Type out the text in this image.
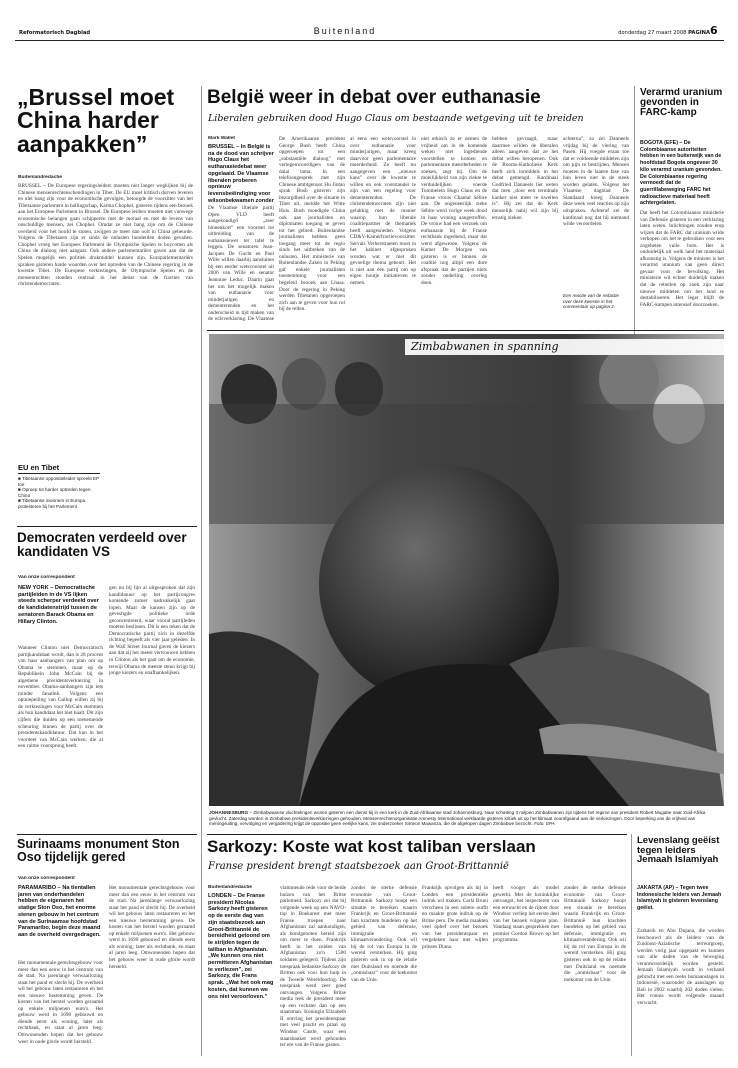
Reformatorisch Dagblad	Buitenland	donderdag 27 maart 2008 PAGINA 6
„Brussel moet China harder aanpakken”
Buitenlandredactie
BRUSSEL – De Europese regeringsleiders moeten niet langer wegkijken bij de Chinese mensenrechtenschendingen in Tibet. De EU moet kritisch durven leveren en niet bang zijn voor de economische gevolgen, betoogde de voorzitter van het Tibetaanse parlement in ballingschap, Karma Chophel, gisteren tijdens een bezoek aan het Europese Parlement in Brussel. De Europese leiders moeten niet vanwege economische belangen gaan schipperen met de moraal en met de levens van onschuldige mensen, zei Chophel. Omdat ze niet bang zijn om de Chinese overheid voor het hoofd te stoten, zwijgen ze meer dan ooit in China gebeurde. Volgens de Tibetanen zijn er sinds de onlusten honderden doden gevallen. Chophel vroeg het Europees Parlement de Olympische Spelen te boycotten als China de dialoog niet aangaat. Ook andere parlementariërs gaven aan dat de Spelen mogelijk een politiek drukmiddel kunnen zijn. Europarlementariërs spraken gisteren harde woorden over het optreden van de Chinese regering in de kwestie Tibet. De Europese verkiezingen, de Olympische Spelen en de mensenrechten stonden centraal in het debat van de fracties van christendemocraten.
EU en Tibet
■ Tibetaanse oppositieleider spreekt EP toe
■ Oproep tot harder optreden tegen China
■ Tibetaanse inwoners in Europa protesteren bij het Parlement
Democraten verdeeld over kandidaten VS
Van onze correspondent
NEW YORK – Democratische partijleiden in de VS lijken steeds scherper verdeeld over de kandidatenstrijd tussen de senatoren Barack Obama en Hillary Clinton.
Wanneer Clinton niet Democratisch partijkandidaat wordt, dan is 28 procent van haar aanhangers van plan om op Obama te stemmen, maar op de Republikein John McCain bij de algemene presidentsverkiezing in november. Obama-aanhangers zijn iets minder fanatiek. Volgens een opiniepeiling van Gallup willen zij bij de verkiezingen voor McCain stemmen als hun kandidaat het niet haalt. Dit zijn cijfers die duiden op een toenemende scheuring binnen de partij over de presidentskandidatuur. Dat kan in het voordeel van McCain werken, die al een ruime voorsprong heeft.
gen nu bij lijn al uitgesproken dat zijn kandidatuur op het partijcongres komende zomer nadrukkelijk gaat lopen. Maar de kansen zijn op de gevestigde politieke orde geconcentreerd, waar vooral partijleden moeten beslissen. Dit is een teken dat de Democratische partij zich in dezelfde richting begeeft als vier jaar geleden. In de Wall Street Journal gaven de kiezers aan dat zij het meest vertrouwen hebben in Clinton als het gaat om de economie, terwijl Obama de meeste steun krijgt bij jonge kiezers en onafhankelijken.
Surinaams monument Ston Oso tijdelijk gered
Van onze correspondent
PARAMARIBO – Na tientallen jaren van onderhandelen hebben de eigenaren het statige Ston Oso, het enorme stenen gebouw in het centrum van de Surinaamse hoofdstad Paramaribo, begin deze maand aan de overheid overgedragen.
Het monumentale gerechtsgebouw voor meer dan een eeuw in het centrum van de stad. Na jarenlange verwaarlozing staat het pand er slecht bij. De overheid wil het gebouw laten restaureren en het een nieuwe bestemming geven. De kosten van het herstel worden geraamd op enkele miljoenen euro's. Het gebouw werd in 1690 gebouwd en diende eerst als woning, later als rechtbank, en staat al jaren leeg. Omwonenden hopen dat het gebouw weer in oude glorie wordt hersteld.
Het monumentale gerechtsgebouw voor meer dan een eeuw in het centrum van de stad. Na jarenlange verwaarlozing staat het pand er slecht bij. De overheid wil het gebouw laten restaureren en het een nieuwe bestemming geven. De kosten van het herstel worden geraamd op enkele miljoenen euro's. Het gebouw werd in 1690 gebouwd en diende eerst als woning, later als rechtbank, en staat al jaren leeg. Omwonenden hopen dat het gebouw weer in oude glorie wordt hersteld.
België weer in debat over euthanasie
Liberalen gebruiken dood Hugo Claus om bestaande wetgeving uit te breiden
Mark Wallet
BRUSSEL – In België is na de dood van schrijver Hugo Claus het euthanasiedebat weer opgelaaid. De Vlaamse liberalen proberen opnieuw levensbeëindiging voor wilsonbekwamen zonder
De Vlaamse liberale partij Open VLD heeft aangekondigd „zeer binnenkort” een voorstel tot uitbreiding van de euthanasiewet ter tafel te leggen. De senatoren Jean-Jacques De Gucht en Paul Wille willen daarbij aansluiten bij een eerder wetsvoorstel uit 2006 van Wille en senator Jeannine Leduc. Daarin gaat het om het mogelijk maken van euthanasie voor minderjarigen en dementerenden en het onderscheid in tijd maken van de wilsverklaring. De Vlaamse
De Amerikaanse president George Bush heeft China opgeroepen tot een „substantiële dialoog” met vertegenwoordigers van de dalai lama. In een telefoongesprek met zijn Chinese ambtgenoot Hu Jintao sprak Bush gisteren zijn bezorgdheid over de situatie in Tibet uit, meldde het Witte Huis. Bush moedigde China ook aan journalisten en diplomaten toegang te geven tot het gebied. Buitenlandse journalisten hebben geen toegang meer tot de regio sinds het uitbreken van de onlusten. Het ministerie van Buitenlandse Zaken in Peking gaf enkele journalisten toestemming voor een begeleid bezoek aan Lhasa. Door de regering in Peking werden Tibetanen opgeroepen zich aan te geven voor hun rol bij de rellen.
al eens een wetsvoorstel in over euthanasie voor minderjarigen, maar kreeg daarvoor geen parlementaire meerderheid. Ze heeft nu aangegeven een „nieuwe kans” over de kwestie te willen en ook voorstander te zijn van een regeling voor dementerenden. De christendemocraten zijn niet gelukkig met de manier waarop hun liberale coalitiepartner de thematiek heeft aangesneden. Volgens CD&V-Kamerfractievoorzitter Servais Verherstraeten moet in het kabinet afgesproken worden wat er met dit gevoelige thema gebeurt. Het is niet aan één partij om op eigen houtje initiatieven te nemen.
niet ethisch ze er nemen de vrijheid om in de komende weken met ingediende voorstellen te komen en parlementaire meerderheden te zoeken, zegt hij. Om de moeilijkheid van zijn ziekte te verduidelijken voerde Tommelein Hugo Claus en de Franse vrouw Chantal Sébire aan. De ongeneeslijk zieke Sébire werd vorige week dood in haar woning aangetroffen. De vrouw had een verzoek om euthanasie bij de Franse rechtbank ingediend, maar dat werd afgewezen. Volgens de Kamer De Morgen van gisteren is er binnen de coalitie nog altijd een dure afspraak dat de partijen niets zonder onderling overleg doen.
hebben gevraagd, maar daarmee wilden de liberalen alleen aangeven dat ze het debat willen heropenen. Ook de Rooms-Katholieke Kerk heeft zich inmiddels in het debat gemengd. Kardinaal Godfried Danneels liet weten dat men „door een terminale kanker niet meer te kwellen is”. Hij zei dat de Kerk menselijk nabij wil zijn bij ernstig zieken.
achterna”, zo zei Danneels vrijdag bij de viering van Pasen. Hij voegde eraan toe dat er voldoende middelen zijn om pijn te bestrijden. Mensen moeten in de laatste fase van hun leven niet in de steek worden gelaten. Volgens het Vlaamse dagblad De Standaard kreeg Danneels deze week veel reacties op zijn uitspraken. Achteraf zei de kardinaal nog dat hij niemand wilde veroordelen.
Een reactie van de redactie over deze kwestie in het commentaar op pagina 2.
Verarmd uranium gevonden in FARC-kamp
BOGOTA (EFE) – De Colombiaanse autoriteiten hebben in een buitenwijk van de hoofdstad Bogota ongeveer 30 kilo verarmd uranium gevonden. De Colombiaanse regering vermoedt dat de guerrillabeweging FARC het radioactieve materiaal heeft achtergelaten.
Dat heeft het Colombiaanse ministerie van Defensie gisteren in een verklaring laten weten. Inlichtingen zouden erop wijzen dat de FARC dat uranium wilde verkopen om het te gebruiken voor een zogeheten vuile bom. Het is onduidelijk uit welk land het materiaal afkomstig is. Volgens de minister is het verarmd uranium van geen direct gevaar voor de bevolking. Het ministerie wil echter duidelijk maken dat de rebellen op zoek zijn naar nieuwe middelen om het land te destabiliseren. Het leger blijft de FARC-kampen intensief doorzoeken.
Zimbabwanen in spanning
JOHANNESBURG – Zimbabwaanse vluchtelingen wonen gisteren een dienst bij in een kerk in de Zuid-Afrikaanse stad Johannesburg. Naar schatting 3 miljoen Zimbabwanen zijn tijdens het regime van president Robert Mugabe naar Zuid-Afrika gevlucht. Zaterdag worden in Zimbabwe presidentsverkiezingen gehouden. Mensenrechtenorganisatie Amnesty International verklaarde gisteren kritiek uit op het klimaat voorafgaand aan de verkiezingen. Door beperking van de vrijheid van meningsuiting, vervolging en vergadering krijgt de oppositie geen eerlijke kans, zei onderzoeker Simeon Mawanza, die de afgelopen dagen Zimbabwe bezocht. Foto: EPA
Sarkozy: Koste wat kost taliban verslaan
Franse president brengt staatsbezoek aan Groot-Brittannië
Buitenlandredactie
LONDEN – De Franse president Nicolas Sarkozy heeft gisteren op de eerste dag van zijn staatsbezoek aan Groot-Brittannië de bereidheid getoond om te strijden tegen de taliban in Afghanistan. „We kunnen ons niet permitteren Afghanistan te verliezen”, zei Sarkozy, die Frans sprak. „Wat het ook mag kosten, dat kunnen we ons niet veroorloven.”
vlammende rede voor de beide huizen van het Britse parlement. Sarkozy zei dat hij volgende week op een NAVO-top in Boekarest met meer Franse troepen naar Afghanistan zal aankondigen, als bondgenoten bereid zijn om meer te doen. Frankrijk heeft in het zuiden van Afghanistan zo'n 1500 soldaten gelegerd. Tijdens zijn toespraak bedankte Sarkozy de Britten ook voor hun hulp in de Tweede Wereldoorlog. De toespraak werd zeer goed ontvangen. Volgens Britse media leek de president meer op een rockster dan op een staatsman. Koningin Elizabeth II ontving het presidentspaar met veel pracht en praal op Windsor Castle, waar een staatsbanket werd gehouden ter ere van de Franse gasten.
zonder de sterke defensie economie van Groot-Brittannië. Sarkozy hoopt een situatie te bereiken waarin Frankrijk en Groot-Brittannië hun krachten bundelen op het gebied van defensie, immigratie en klimaatverandering. Ook wil hij de rol van Europa in de wereld versterken. Hij ging gisteren ook in op de relatie met Duitsland en noemde die „onmisbaar” voor de toekomst van de Unie.
Frankrijk opvolgen als hij in Londen een presidentiële indruk wil maken. Carla Bruni verscheen in een sobere outfit en maakte grote indruk op de Britse pers. De media maakten veel ophef over het bezoek van het presidentspaar en vergeleken haar met wijlen prinses Diana.
heeft vooger als model gewerkt. Met de koninklijke ontvangst, het inspecteren van een erewacht en de rijtoer door Windsor verliep het eerste deel van het bezoek volgens plan. Vandaag staan gesprekken met premier Gordon Brown op het programma.
zonder de sterke defensie economie van Groot-Brittannië. Sarkozy hoopt een situatie te bereiken waarin Frankrijk en Groot-Brittannië hun krachten bundelen op het gebied van defensie, immigratie en klimaatverandering. Ook wil hij de rol van Europa in de wereld versterken. Hij ging gisteren ook in op de relatie met Duitsland en noemde die „onmisbaar” voor de toekomst van de Unie.
Levenslang geëist tegen leiders Jemaah Islamiyah
JAKARTA (AP) – Tegen twee Indonesische leiders van Jemaah Islamiyah is gisteren levenslang geëist.
Zarkasih en Abu Dujana, die worden beschouwd als de leiders van de Zuidoost-Aziatische terreurgroep, werden vorig jaar opgepakt en kunnen van alle daden van de beweging verantwoordelijk worden gesteld. Jemaah Islamiyah wordt in verband gebracht met een reeks bomaanslagen in Indonesië, waaronder de aanslagen op Bali in 2002 waarbij 202 doden vielen. Het vonnis wordt volgende maand verwacht.
